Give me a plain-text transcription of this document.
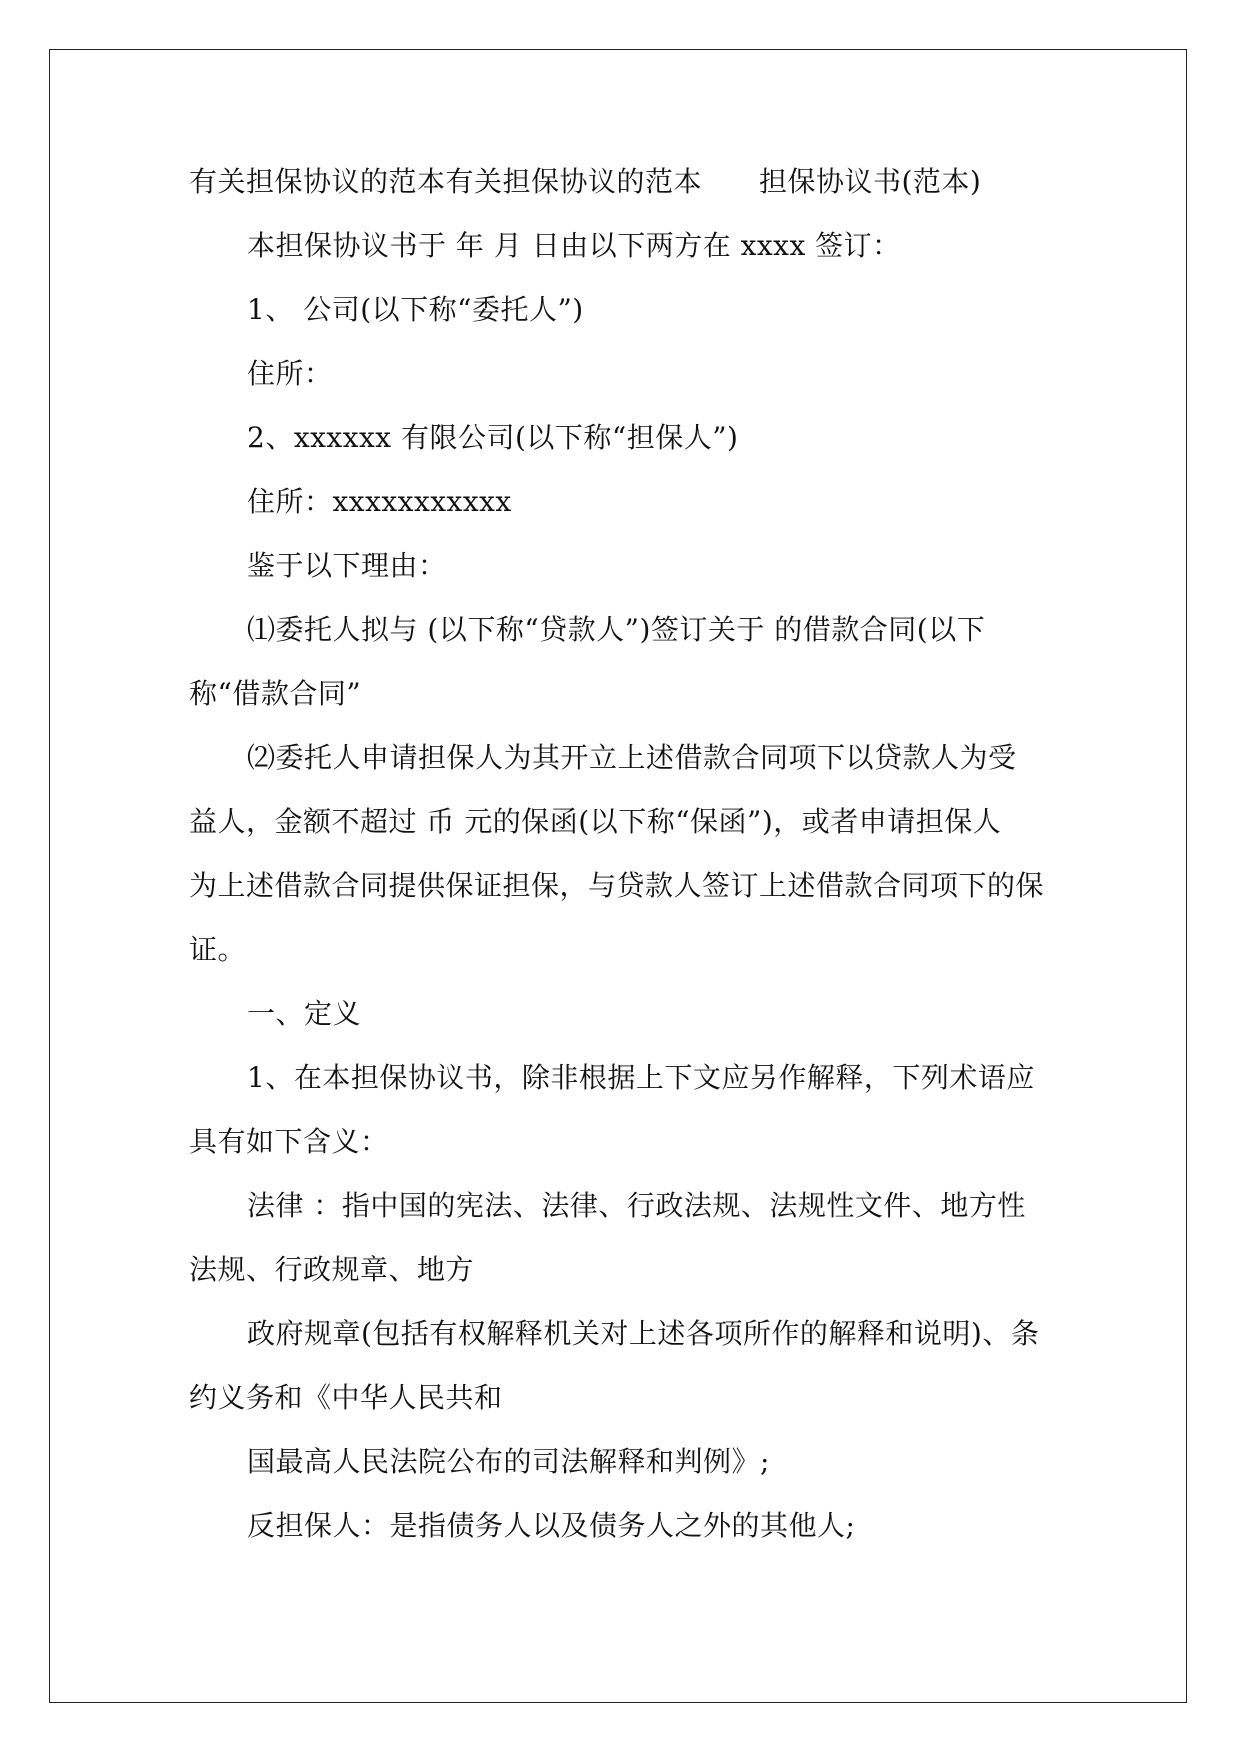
有关担保协议的范本有关担保协议的范本　　担保协议书(范本)
本担保协议书于 年 月 日由以下两方在 xxxx 签订：
1、 公司(以下称“委托人”)
住所：
2、xxxxxx 有限公司(以下称“担保人”)
住所：xxxxxxxxxxx
鉴于以下理由：
⑴委托人拟与 (以下称“贷款人”)签订关于 的借款合同(以下
称“借款合同”
⑵委托人申请担保人为其开立上述借款合同项下以贷款人为受
益人，金额不超过 币 元的保函(以下称“保函”)，或者申请担保人
为上述借款合同提供保证担保，与贷款人签订上述借款合同项下的保
证。
一、定义
1、在本担保协议书，除非根据上下文应另作解释，下列术语应
具有如下含义：
法律 ：指中国的宪法、法律、行政法规、法规性文件、地方性
法规、行政规章、地方
政府规章(包括有权解释机关对上述各项所作的解释和说明)、条
约义务和《中华人民共和
国最高人民法院公布的司法解释和判例》;
反担保人：是指债务人以及债务人之外的其他人;
